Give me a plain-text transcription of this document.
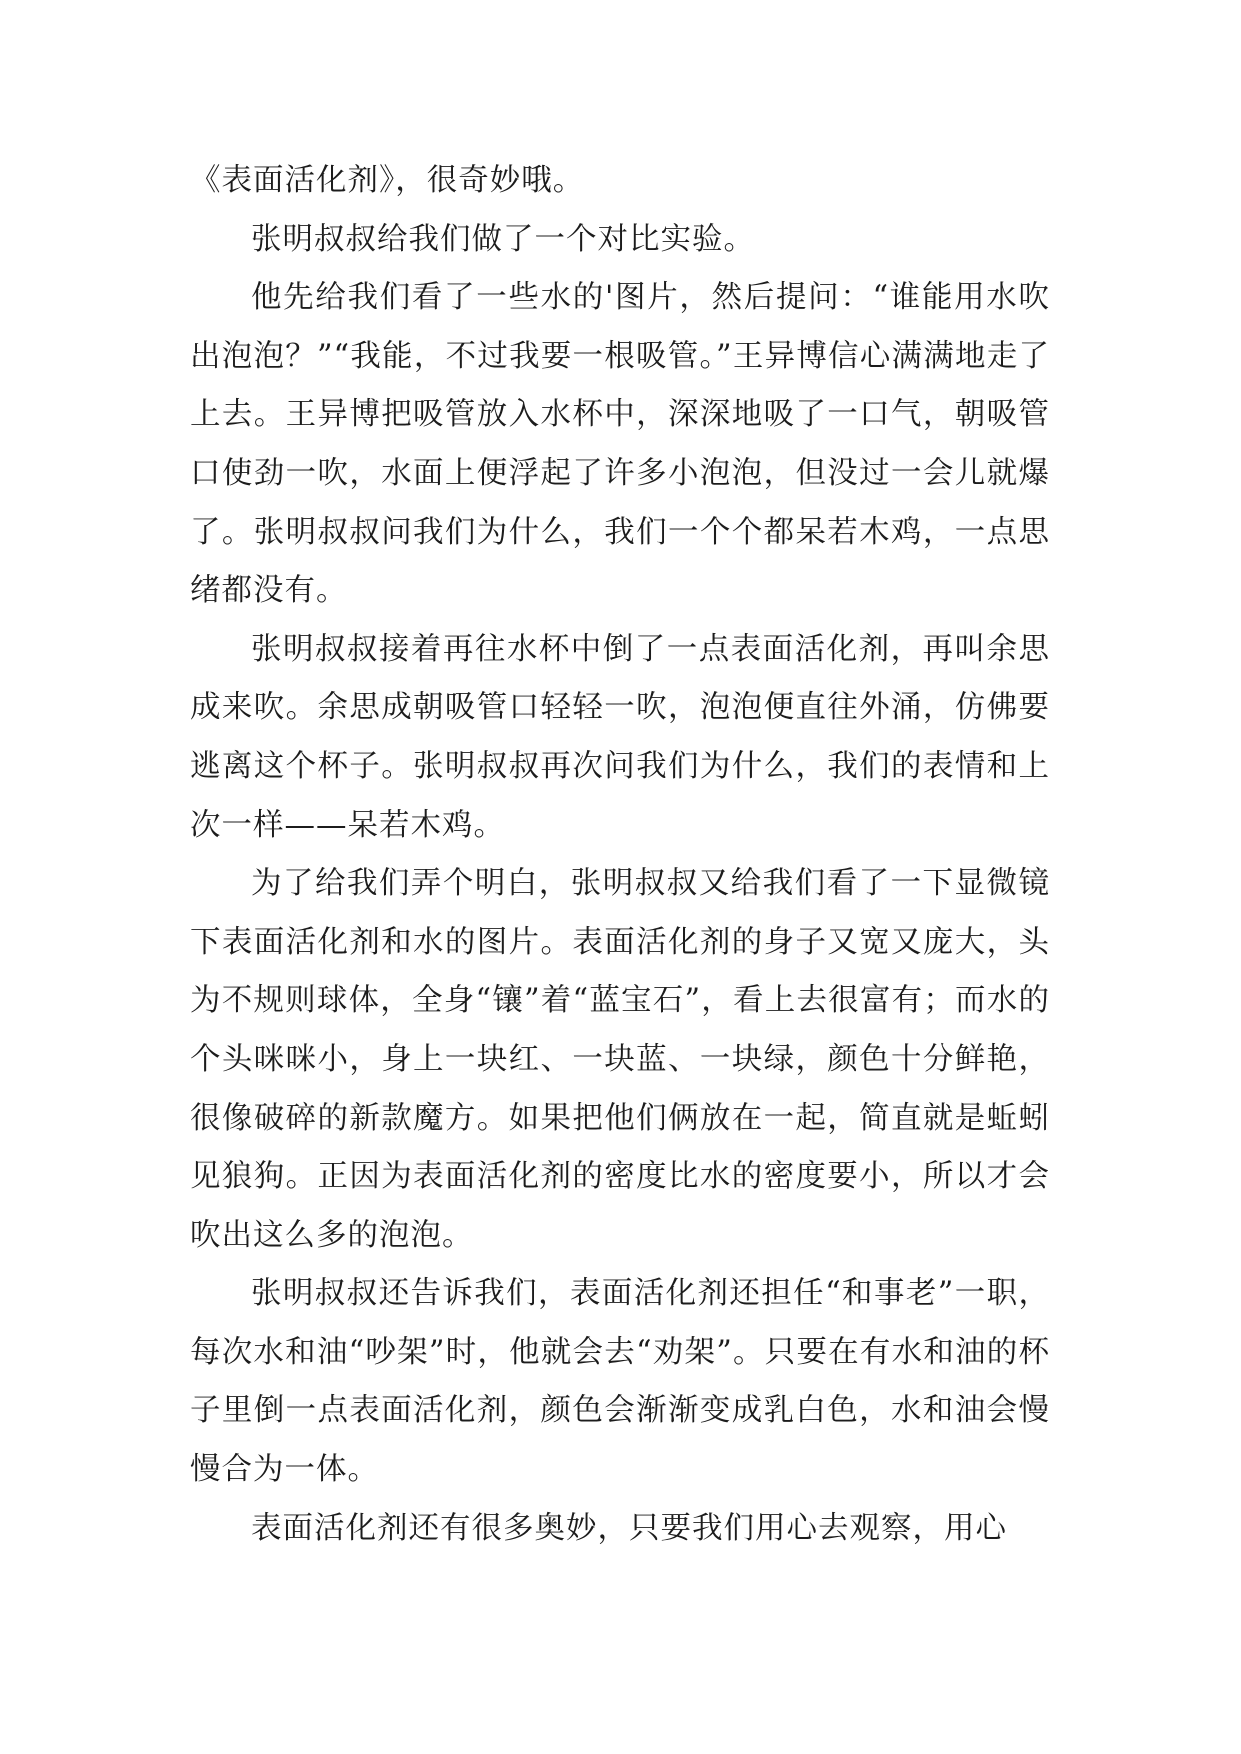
《表面活化剂》，很奇妙哦。

张明叔叔给我们做了一个对比实验。

他先给我们看了一些水的'图片，然后提问：“谁能用水吹出泡泡？”“我能，不过我要一根吸管。”王异博信心满满地走了上去。王异博把吸管放入水杯中，深深地吸了一口气，朝吸管口使劲一吹，水面上便浮起了许多小泡泡，但没过一会儿就爆了。张明叔叔问我们为什么，我们一个个都呆若木鸡，一点思绪都没有。

张明叔叔接着再往水杯中倒了一点表面活化剂，再叫余思成来吹。余思成朝吸管口轻轻一吹，泡泡便直往外涌，仿佛要逃离这个杯子。张明叔叔再次问我们为什么，我们的表情和上次一样——呆若木鸡。

为了给我们弄个明白，张明叔叔又给我们看了一下显微镜下表面活化剂和水的图片。表面活化剂的身子又宽又庞大，头为不规则球体，全身“镶”着“蓝宝石”，看上去很富有；而水的个头咪咪小，身上一块红、一块蓝、一块绿，颜色十分鲜艳，很像破碎的新款魔方。如果把他们俩放在一起，简直就是蚯蚓见狼狗。正因为表面活化剂的密度比水的密度要小，所以才会吹出这么多的泡泡。

张明叔叔还告诉我们，表面活化剂还担任“和事老”一职，每次水和油“吵架”时，他就会去“劝架”。只要在有水和油的杯子里倒一点表面活化剂，颜色会渐渐变成乳白色，水和油会慢慢合为一体。

表面活化剂还有很多奥妙，只要我们用心去观察，用心
